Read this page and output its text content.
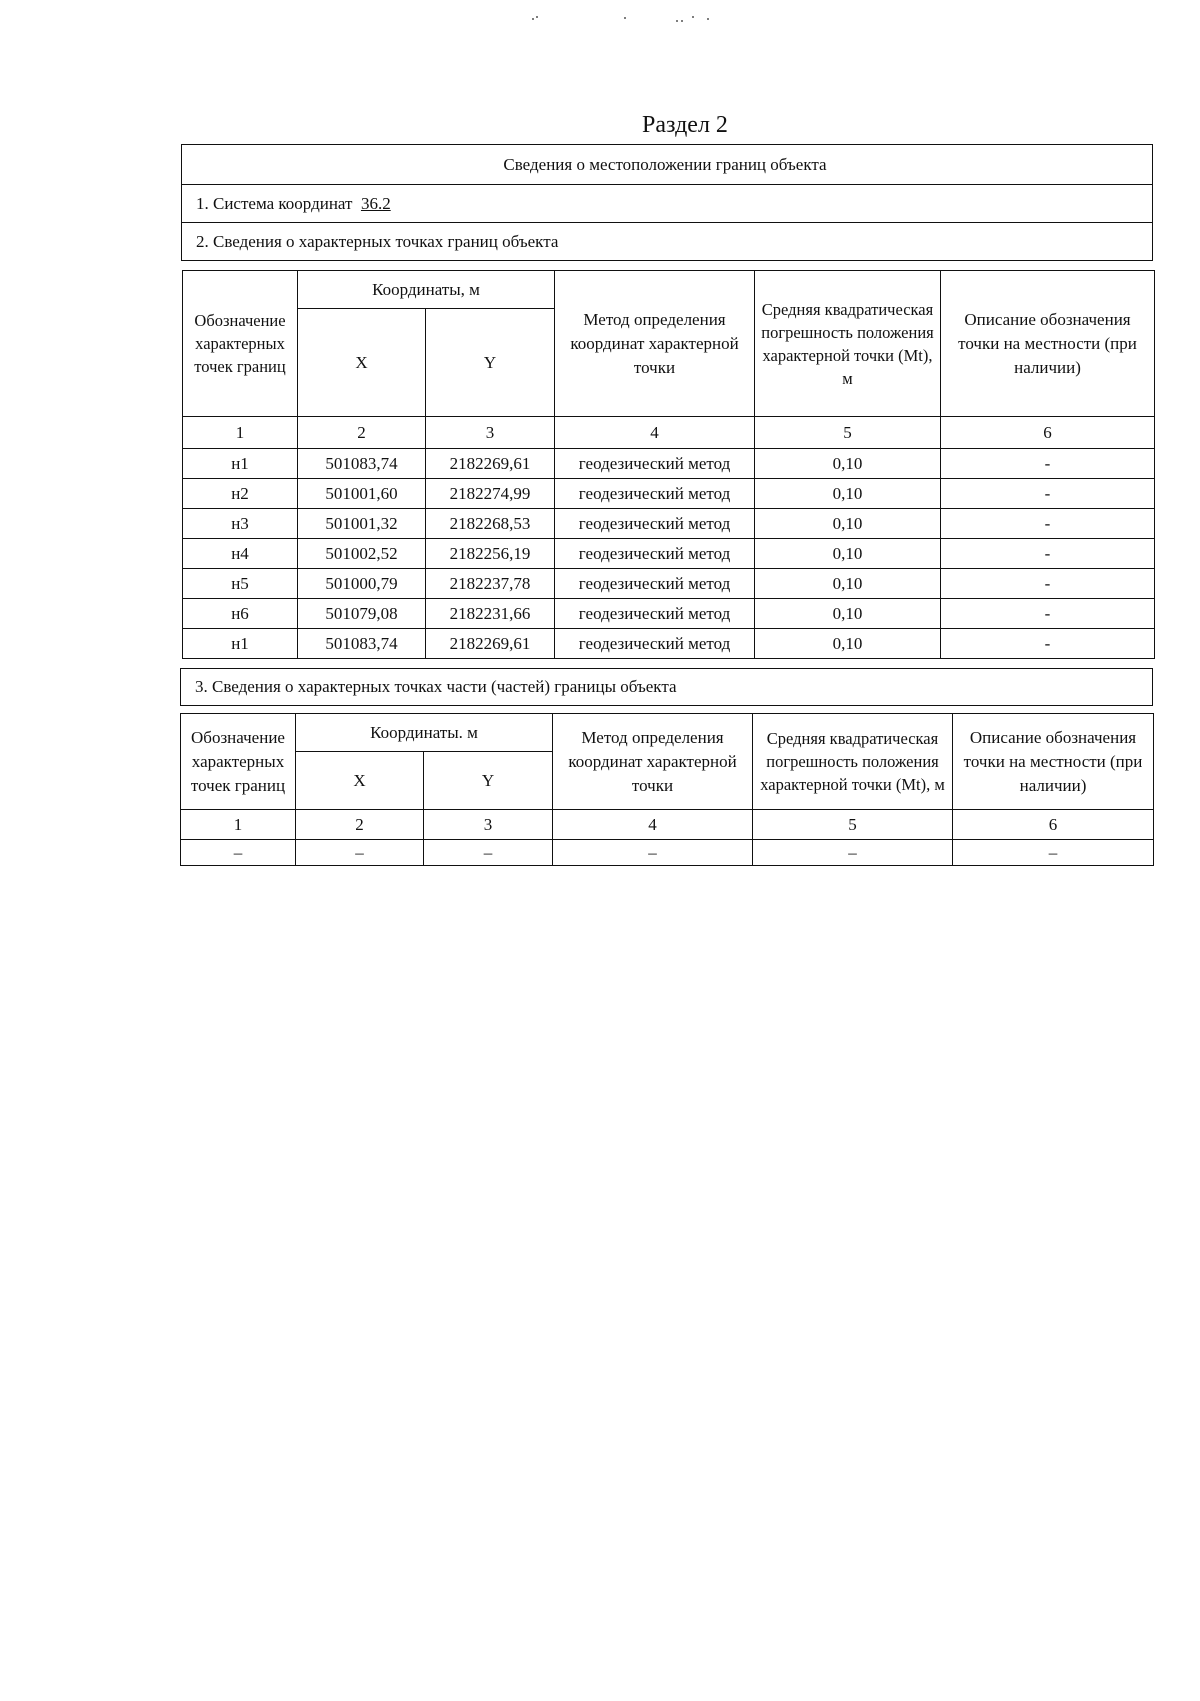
Раздел 2
Сведения о местоположении границ объекта
1. Система координат 36.2
2. Сведения о характерных точках границ объекта
Обозначение характерных точек границ	Координаты, м		Метод определения координат характерной точки	Средняя квадратическая погрешность положения характерной точки (Mt), м	Описание обозначения точки на местности (при наличии)
	X	Y			
1	2	3	4	5	6
н1	501083,74	2182269,61	геодезический метод	0,10	-
н2	501001,60	2182274,99	геодезический метод	0,10	-
н3	501001,32	2182268,53	геодезический метод	0,10	-
н4	501002,52	2182256,19	геодезический метод	0,10	-
н5	501000,79	2182237,78	геодезический метод	0,10	-
н6	501079,08	2182231,66	геодезический метод	0,10	-
н1	501083,74	2182269,61	геодезический метод	0,10	-
3. Сведения о характерных точках части (частей) границы объекта
Обозначение характерных точек границ	Координаты. м		Метод определения координат характерной точки	Средняя квадратическая погрешность положения характерной точки (Mt), м	Описание обозначения точки на местности (при наличии)
	X	Y			
1	2	3	4	5	6
–	–	–	–	–	–
